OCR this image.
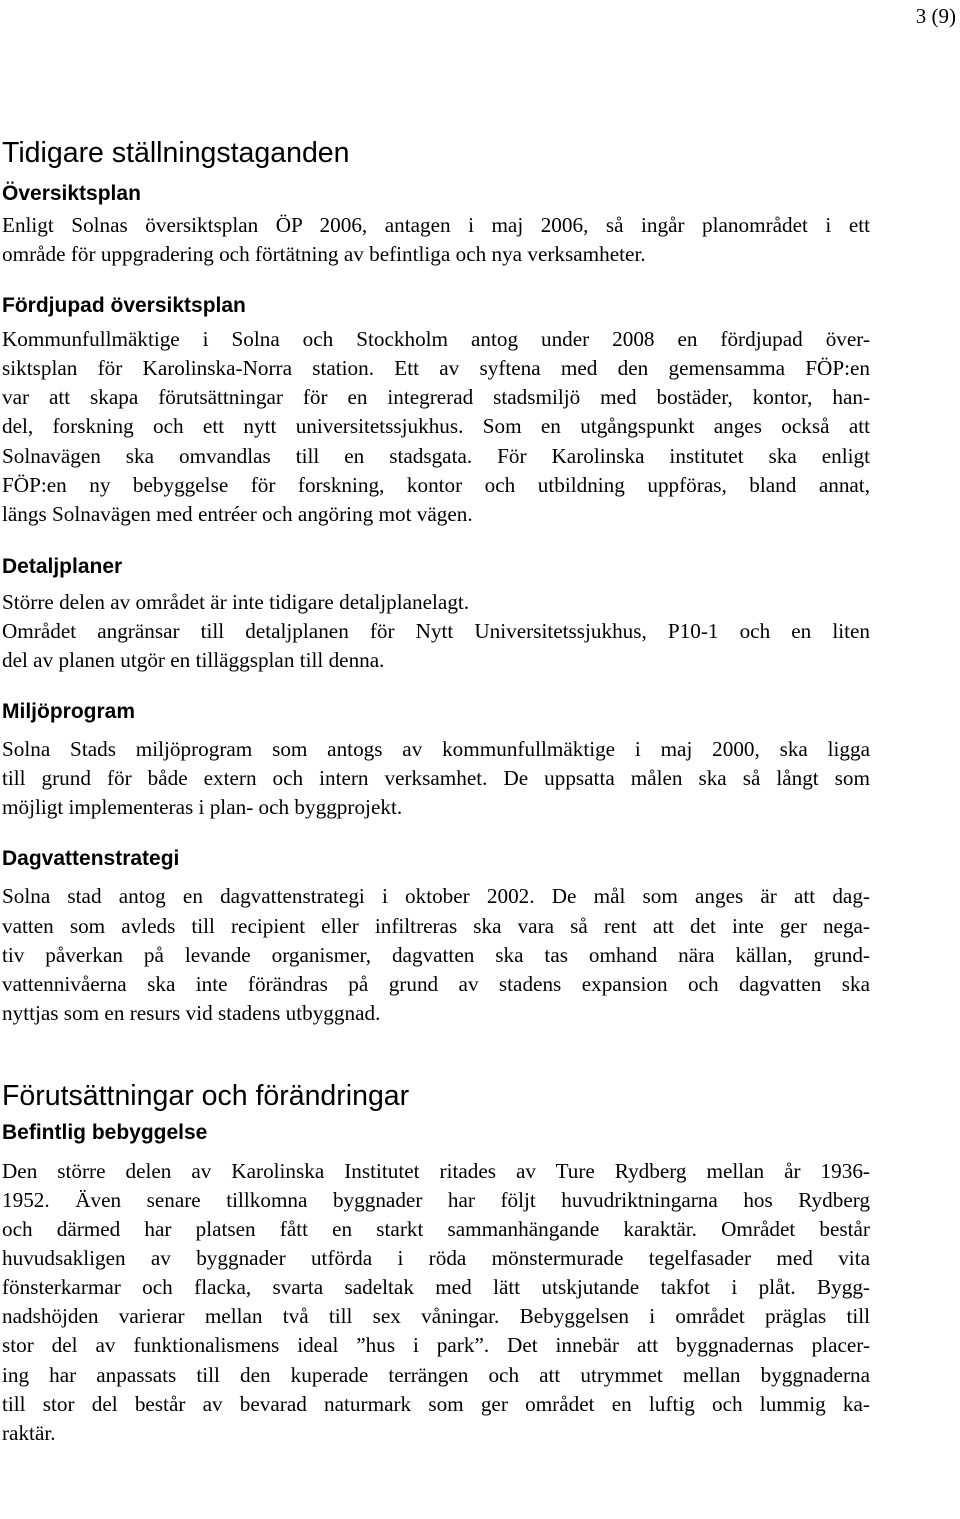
3 (9)
Tidigare ställningstaganden
Översiktsplan
Enligt Solnas översiktsplan ÖP 2006, antagen i maj 2006, så ingår planområdet i ett
område för uppgradering och förtätning av befintliga och nya verksamheter.
Fördjupad översiktsplan
Kommunfullmäktige i Solna och Stockholm antog under 2008 en fördjupad över-
siktsplan för Karolinska-Norra station. Ett av syftena med den gemensamma FÖP:en
var att skapa förutsättningar för en integrerad stadsmiljö med bostäder, kontor, han-
del, forskning och ett nytt universitetssjukhus. Som en utgångspunkt anges också att
Solnavägen ska omvandlas till en stadsgata. För Karolinska institutet ska enligt
FÖP:en ny bebyggelse för forskning, kontor och utbildning uppföras, bland annat,
längs Solnavägen med entréer och angöring mot vägen.
Detaljplaner
Större delen av området är inte tidigare detaljplanelagt.
Området angränsar till detaljplanen för Nytt Universitetssjukhus, P10-1 och en liten
del av planen utgör en tilläggsplan till denna.
Miljöprogram
Solna Stads miljöprogram som antogs av kommunfullmäktige i maj 2000, ska ligga
till grund för både extern och intern verksamhet. De uppsatta målen ska så långt som
möjligt implementeras i plan- och byggprojekt.
Dagvattenstrategi
Solna stad antog en dagvattenstrategi i oktober 2002. De mål som anges är att dag-
vatten som avleds till recipient eller infiltreras ska vara så rent att det inte ger nega-
tiv påverkan på levande organismer, dagvatten ska tas omhand nära källan, grund-
vattennivåerna ska inte förändras på grund av stadens expansion och dagvatten ska
nyttjas som en resurs vid stadens utbyggnad.
Förutsättningar och förändringar
Befintlig bebyggelse
Den större delen av Karolinska Institutet ritades av Ture Rydberg mellan år 1936-
1952. Även senare tillkomna byggnader har följt huvudriktningarna hos Rydberg
och därmed har platsen fått en starkt sammanhängande karaktär. Området består
huvudsakligen av byggnader utförda i röda mönstermurade tegelfasader med vita
fönsterkarmar och flacka, svarta sadeltak med lätt utskjutande takfot i plåt. Bygg-
nadshöjden varierar mellan två till sex våningar. Bebyggelsen i området präglas till
stor del av funktionalismens ideal ”hus i park”. Det innebär att byggnadernas placer-
ing har anpassats till den kuperade terrängen och att utrymmet mellan byggnaderna
till stor del består av bevarad naturmark som ger området en luftig och lummig ka-
raktär.
